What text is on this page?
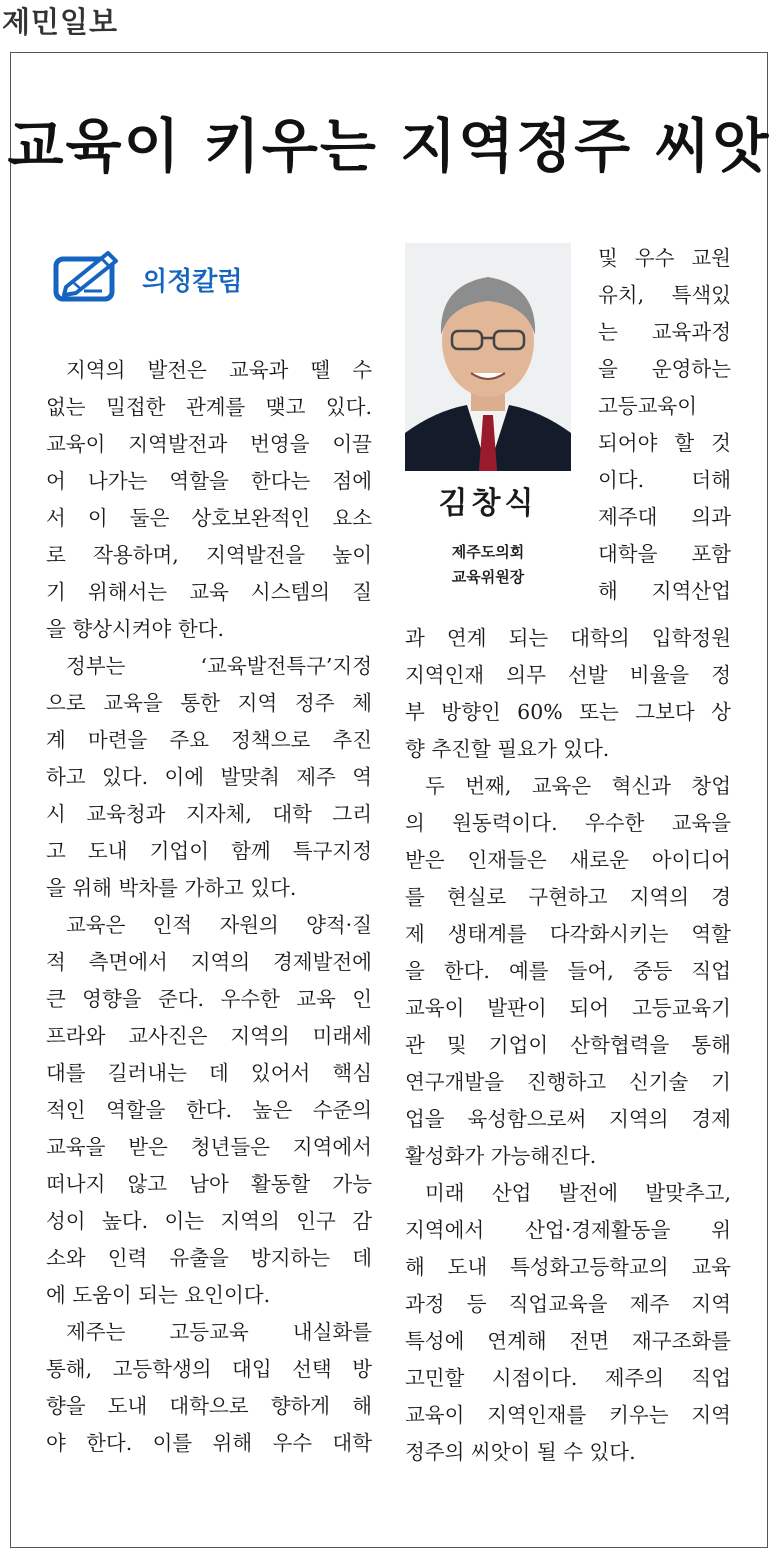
제민일보
교육이 키우는 지역정주 씨앗
의정칼럼
지역의 발전은 교육과 뗄 수
없는 밀접한 관계를 맺고 있다.
교육이 지역발전과 번영을 이끌
어 나가는 역할을 한다는 점에
서 이 둘은 상호보완적인 요소
로 작용하며, 지역발전을 높이
기 위해서는 교육 시스템의 질
을 향상시켜야 한다.
정부는 ‘교육발전특구’지정
으로 교육을 통한 지역 정주 체
계 마련을 주요 정책으로 추진
하고 있다. 이에 발맞춰 제주 역
시 교육청과 지자체, 대학 그리
고 도내 기업이 함께 특구지정
을 위해 박차를 가하고 있다.
교육은 인적 자원의 양적·질
적 측면에서 지역의 경제발전에
큰 영향을 준다. 우수한 교육 인
프라와 교사진은 지역의 미래세
대를 길러내는 데 있어서 핵심
적인 역할을 한다. 높은 수준의
교육을 받은 청년들은 지역에서
떠나지 않고 남아 활동할 가능
성이 높다. 이는 지역의 인구 감
소와 인력 유출을 방지하는 데
에 도움이 되는 요인이다.
제주는 고등교육 내실화를
통해, 고등학생의 대입 선택 방
향을 도내 대학으로 향하게 해
야 한다. 이를 위해 우수 대학
및 우수 교원
유치, 특색있
는 교육과정
을 운영하는
고등교육이
되어야 할 것
이다. 더해
제주대 의과
대학을 포함
해 지역산업
과 연계 되는 대학의 입학정원
지역인재 의무 선발 비율을 정
부 방향인 60% 또는 그보다 상
향 추진할 필요가 있다.
두 번째, 교육은 혁신과 창업
의 원동력이다. 우수한 교육을
받은 인재들은 새로운 아이디어
를 현실로 구현하고 지역의 경
제 생태계를 다각화시키는 역할
을 한다. 예를 들어, 중등 직업
교육이 발판이 되어 고등교육기
관 및 기업이 산학협력을 통해
연구개발을 진행하고 신기술 기
업을 육성함으로써 지역의 경제
활성화가 가능해진다.
미래 산업 발전에 발맞추고,
지역에서 산업·경제활동을 위
해 도내 특성화고등학교의 교육
과정 등 직업교육을 제주 지역
특성에 연계해 전면 재구조화를
고민할 시점이다. 제주의 직업
교육이 지역인재를 키우는 지역
정주의 씨앗이 될 수 있다.
김창식
제주도의회
교육위원장
